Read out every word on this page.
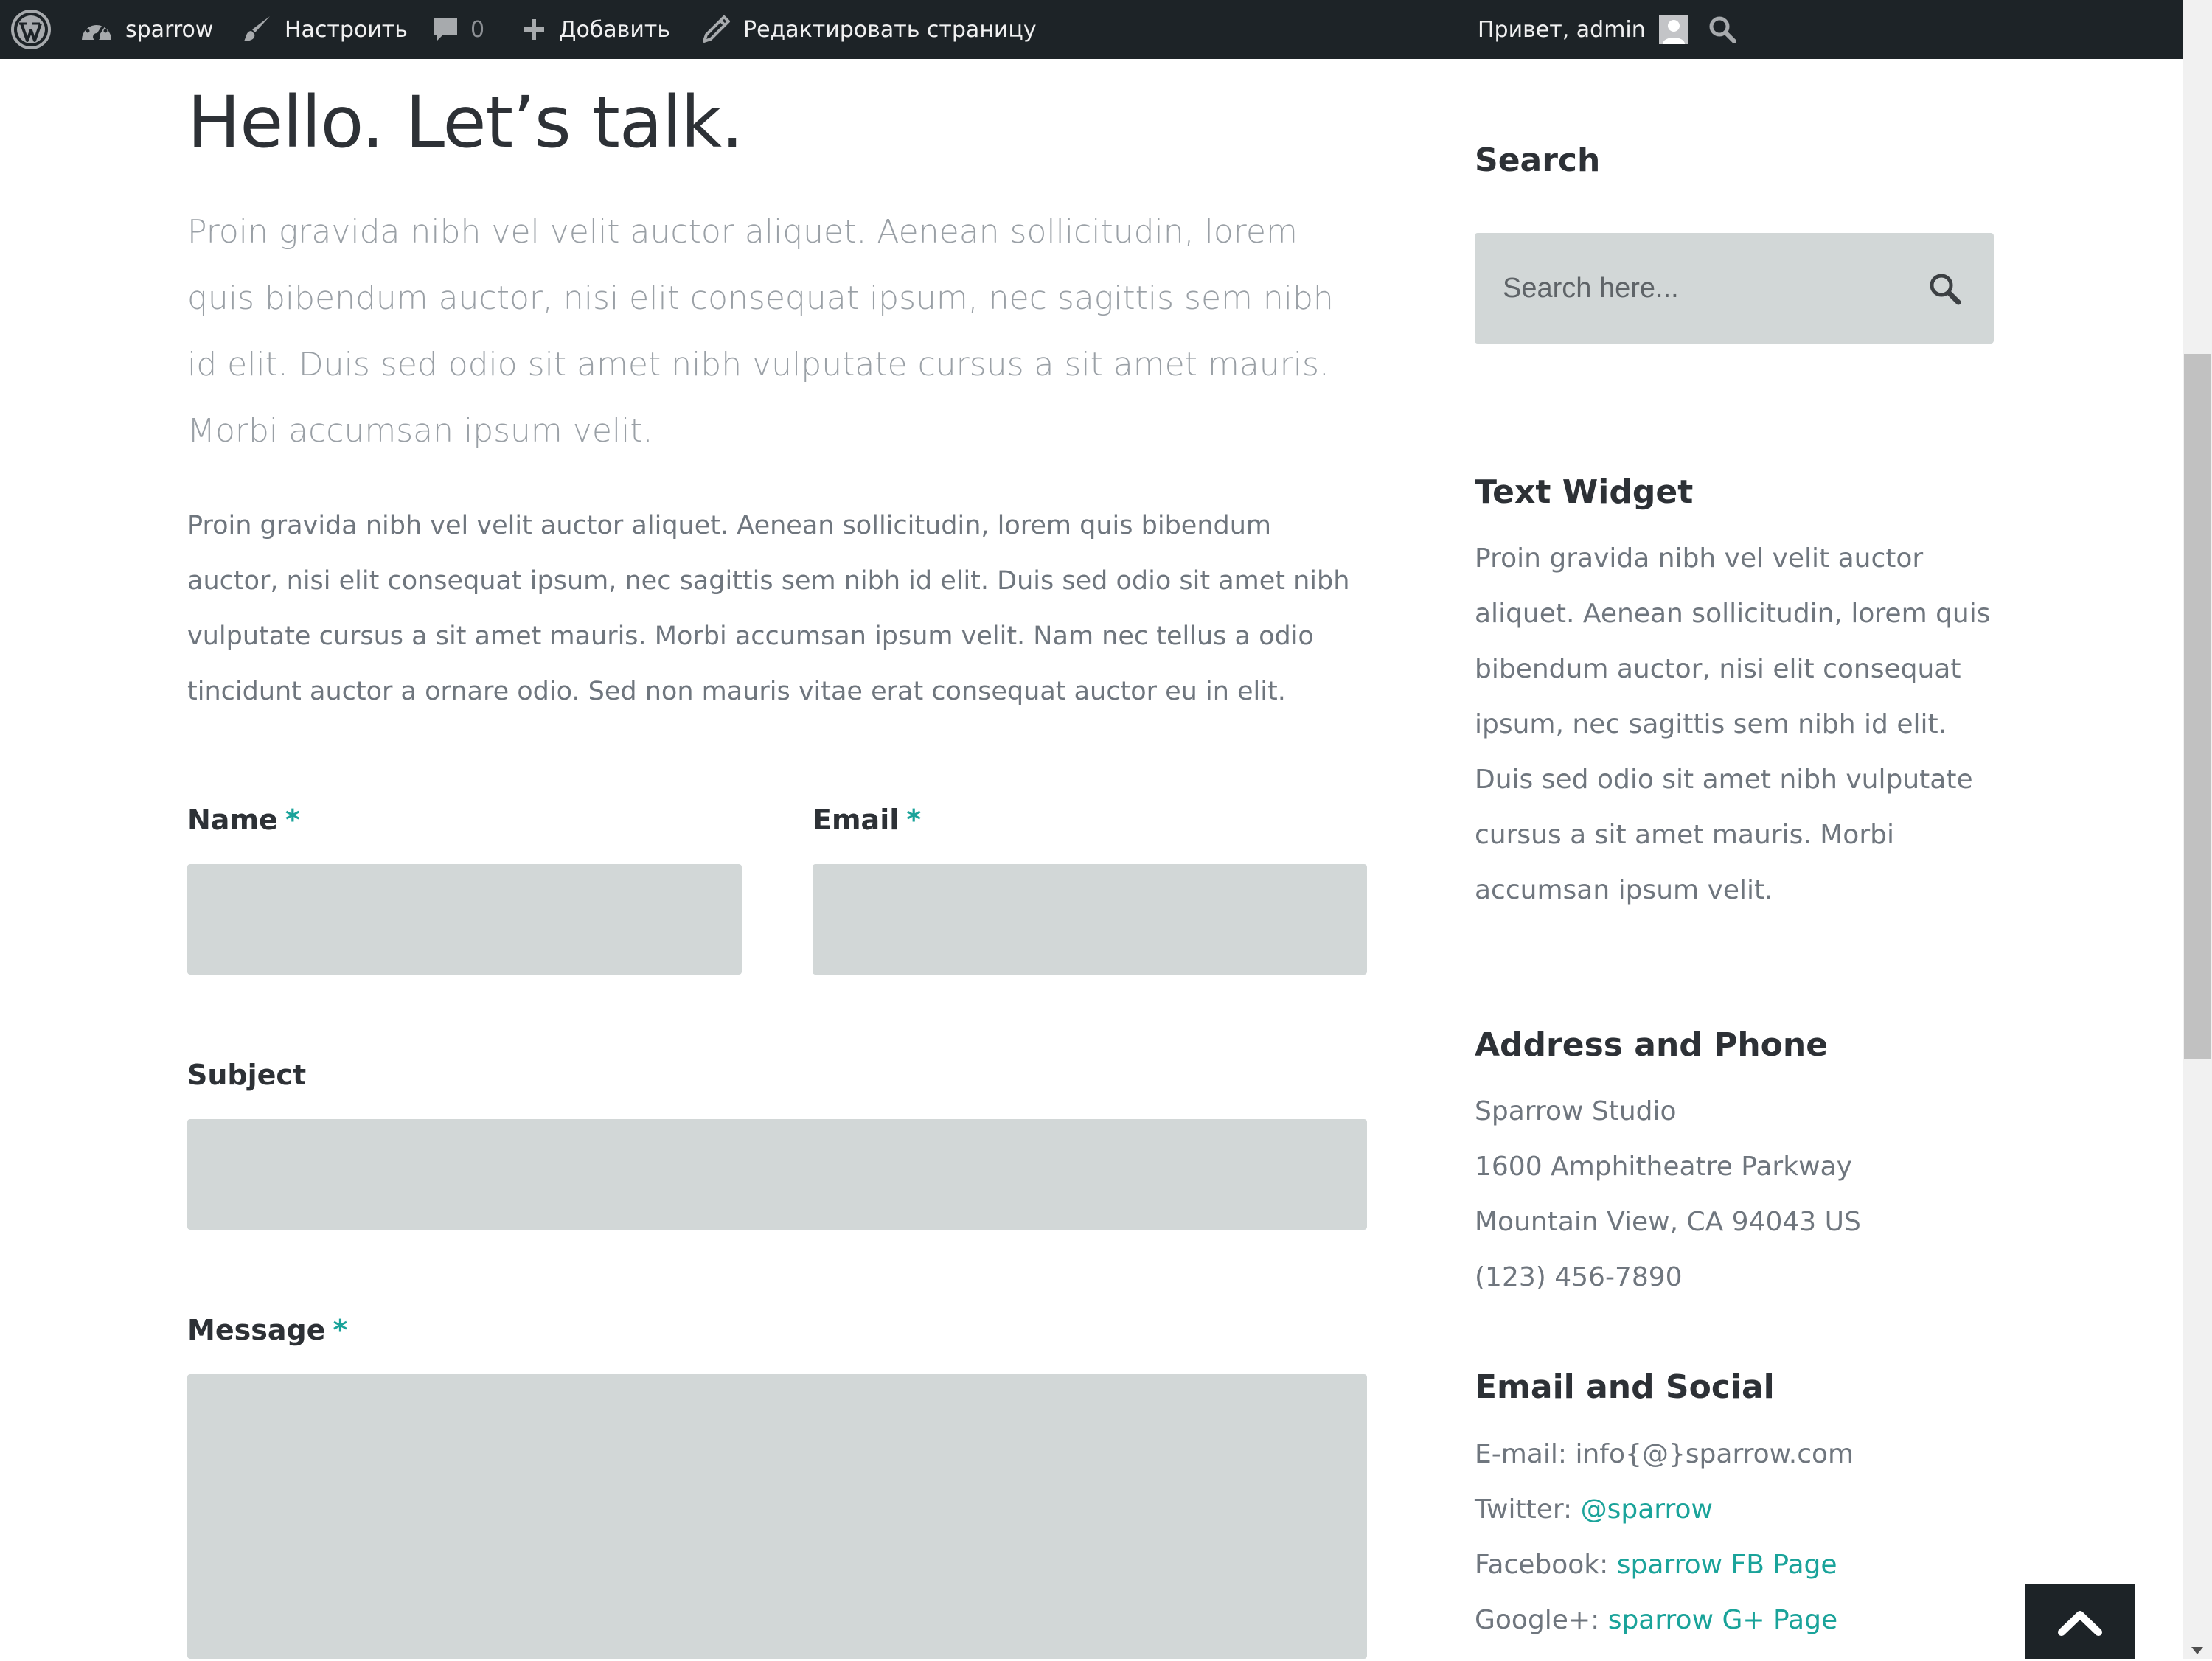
sparrow	Настроить	0	Добавить	Редактировать страницу	Привет, admin
Hello. Let’s talk.

Proin gravida nibh vel velit auctor aliquet. Aenean sollicitudin, lorem quis bibendum auctor, nisi elit consequat ipsum, nec sagittis sem nibh id elit. Duis sed odio sit amet nibh vulputate cursus a sit amet mauris. Morbi accumsan ipsum velit.

Proin gravida nibh vel velit auctor aliquet. Aenean sollicitudin, lorem quis bibendum auctor, nisi elit consequat ipsum, nec sagittis sem nibh id elit. Duis sed odio sit amet nibh vulputate cursus a sit amet mauris. Morbi accumsan ipsum velit. Nam nec tellus a odio tincidunt auctor a ornare odio. Sed non mauris vitae erat consequat auctor eu in elit.

Name *	Email *
Subject
Message *
Search
Search here...
Text Widget

Proin gravida nibh vel velit auctor aliquet. Aenean sollicitudin, lorem quis bibendum auctor, nisi elit consequat ipsum, nec sagittis sem nibh id elit. Duis sed odio sit amet nibh vulputate cursus a sit amet mauris. Morbi accumsan ipsum velit.

Address and Phone

Sparrow Studio

1600 Amphitheatre Parkway

Mountain View, CA 94043 US

(123) 456-7890

Email and Social

E-mail: info{@}sparrow.com

Twitter: @sparrow

Facebook: sparrow FB Page

Google+: sparrow G+ Page
